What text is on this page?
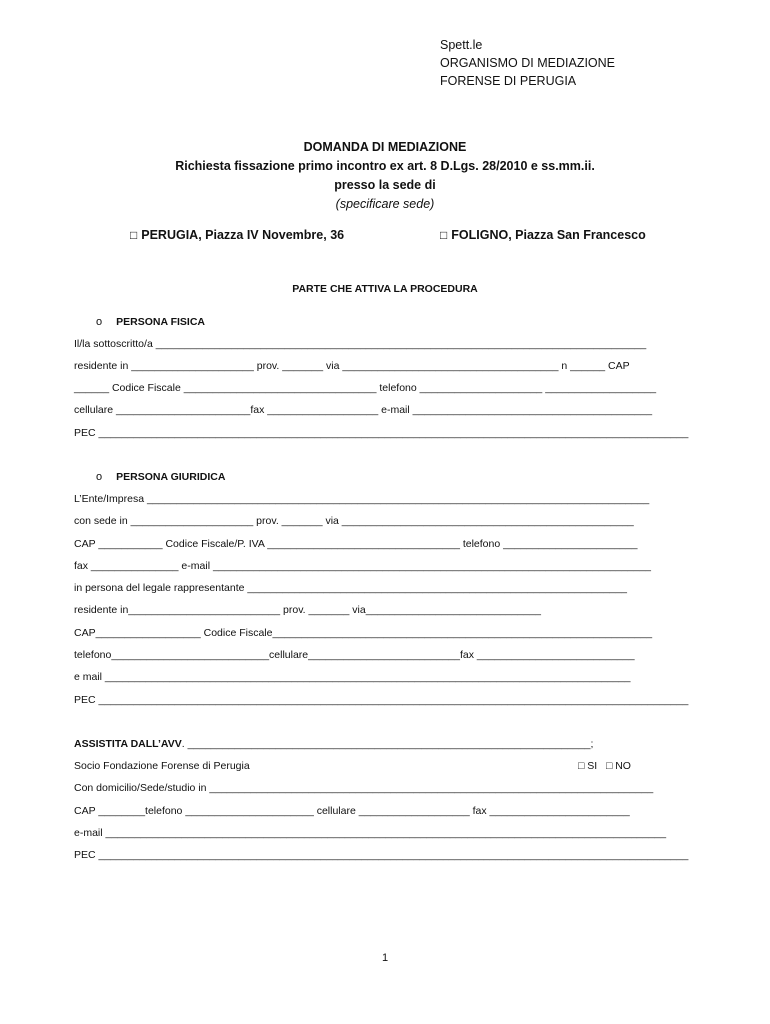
Spett.le
ORGANISMO DI MEDIAZIONE
FORENSE DI PERUGIA
DOMANDA DI MEDIAZIONE
Richiesta fissazione primo incontro ex art. 8 D.Lgs. 28/2010 e ss.mm.ii.
presso la sede di
(specificare sede)
□ PERUGIA, Piazza IV Novembre, 36	□ FOLIGNO, Piazza San Francesco
PARTE CHE ATTIVA LA PROCEDURA
o PERSONA FISICA
Il/la sottoscritto/a ____________________________________________________________________________________
residente in _____________________ prov. _______ via _____________________________________ n ______ CAP
______ Codice Fiscale _________________________________ telefono _____________________ ___________________
cellulare _______________________fax ___________________ e-mail _________________________________________
PEC _____________________________________________________________________________________________________
o PERSONA GIURIDICA
L’Ente/Impresa ______________________________________________________________________________________
con sede in _____________________ prov. _______ via __________________________________________________
CAP ___________ Codice Fiscale/P. IVA _________________________________ telefono _______________________
fax _______________ e-mail ___________________________________________________________________________
in persona del legale rappresentante _________________________________________________________________
residente in__________________________ prov. _______ via______________________________
CAP__________________ Codice Fiscale_________________________________________________________________
telefono___________________________cellulare__________________________fax ___________________________
e mail __________________________________________________________________________________________
PEC _____________________________________________________________________________________________________
ASSISTITA DALL’AVV. _____________________________________________________________________;
Socio Fondazione Forense di Perugia	□ SI □ NO
Con domicilio/Sede/studio in ____________________________________________________________________________
CAP ________telefono ______________________ cellulare ___________________ fax ________________________
e-mail ________________________________________________________________________________________________
PEC _____________________________________________________________________________________________________
1
